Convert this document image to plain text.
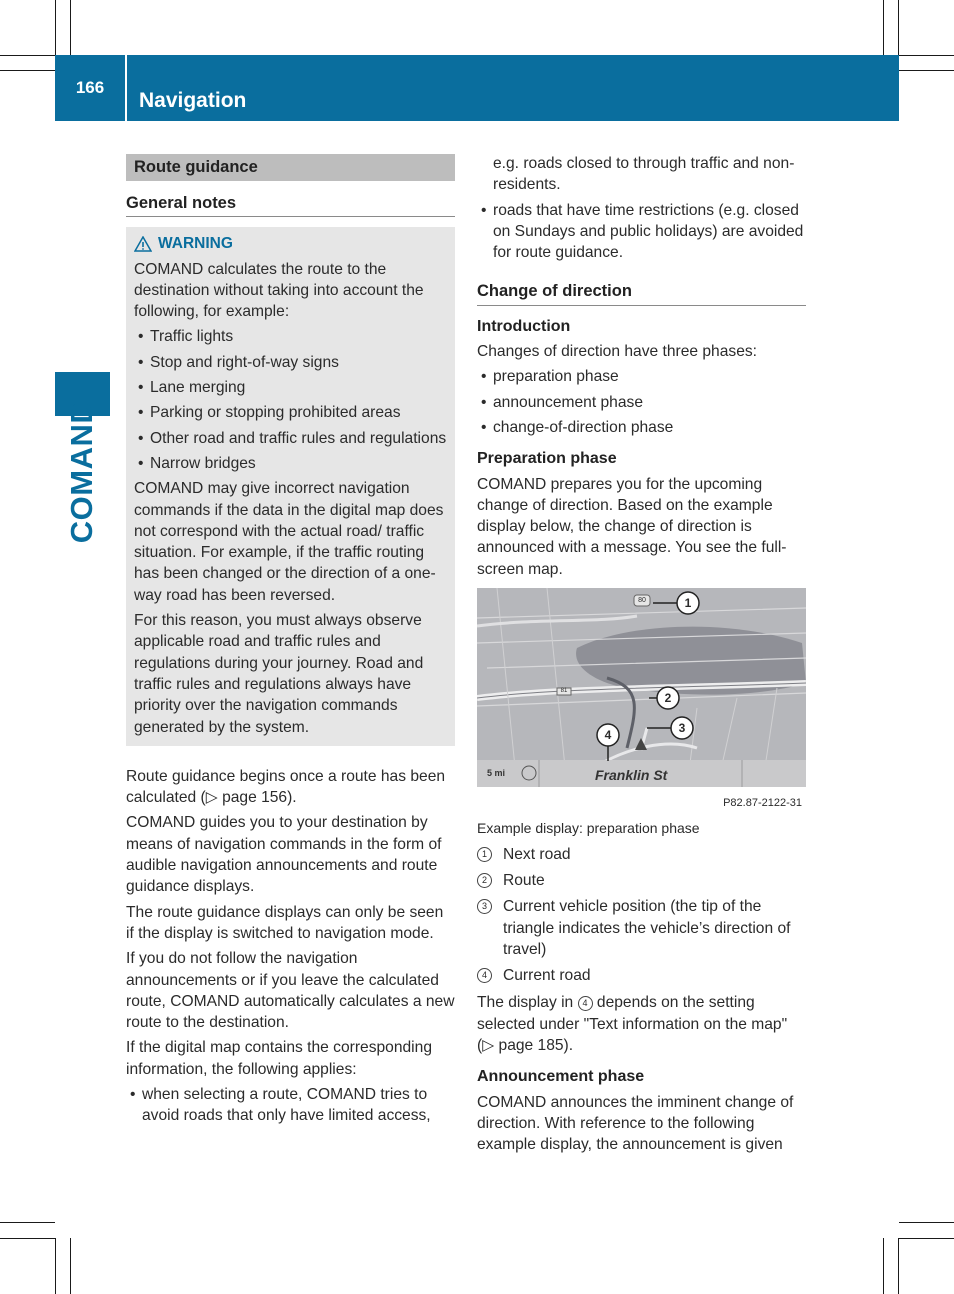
166
Navigation
COMAND
Route guidance
General notes
WARNING

COMAND calculates the route to the destination without taking into account the following, for example:

• Traffic lights
• Stop and right-of-way signs
• Lane merging
• Parking or stopping prohibited areas
• Other road and traffic rules and regulations
• Narrow bridges

COMAND may give incorrect navigation commands if the data in the digital map does not correspond with the actual road/ traffic situation. For example, if the traffic routing has been changed or the direction of a one-way road has been reversed.

For this reason, you must always observe applicable road and traffic rules and regulations during your journey. Road and traffic rules and regulations always have priority over the navigation commands generated by the system.

Route guidance begins once a route has been calculated (▷ page 156).

COMAND guides you to your destination by means of navigation commands in the form of audible navigation announcements and route guidance displays.

The route guidance displays can only be seen if the display is switched to navigation mode.

If you do not follow the navigation announcements or if you leave the calculated route, COMAND automatically calculates a new route to the destination.

If the digital map contains the corresponding information, the following applies:

• when selecting a route, COMAND tries to avoid roads that only have limited access,

e.g. roads closed to through traffic and non-residents.

• roads that have time restrictions (e.g. closed on Sundays and public holidays) are avoided for route guidance.
Change of direction
Introduction

Changes of direction have three phases:

• preparation phase
• announcement phase
• change-of-direction phase
Preparation phase

COMAND prepares you for the upcoming change of direction. Based on the example display below, the change of direction is announced with a message. You see the full-screen map.

1
2
3
4
80
81
5 mi	Franklin St
P82.87-2122-31
Example display: preparation phase
1	Next road
2	Route
3	Current vehicle position (the tip of the triangle indicates the vehicle’s direction of travel)
4	Current road

The display in 4 depends on the setting selected under "Text information on the map" (▷ page 185).

Announcement phase

COMAND announces the imminent change of direction. With reference to the following example display, the announcement is given
